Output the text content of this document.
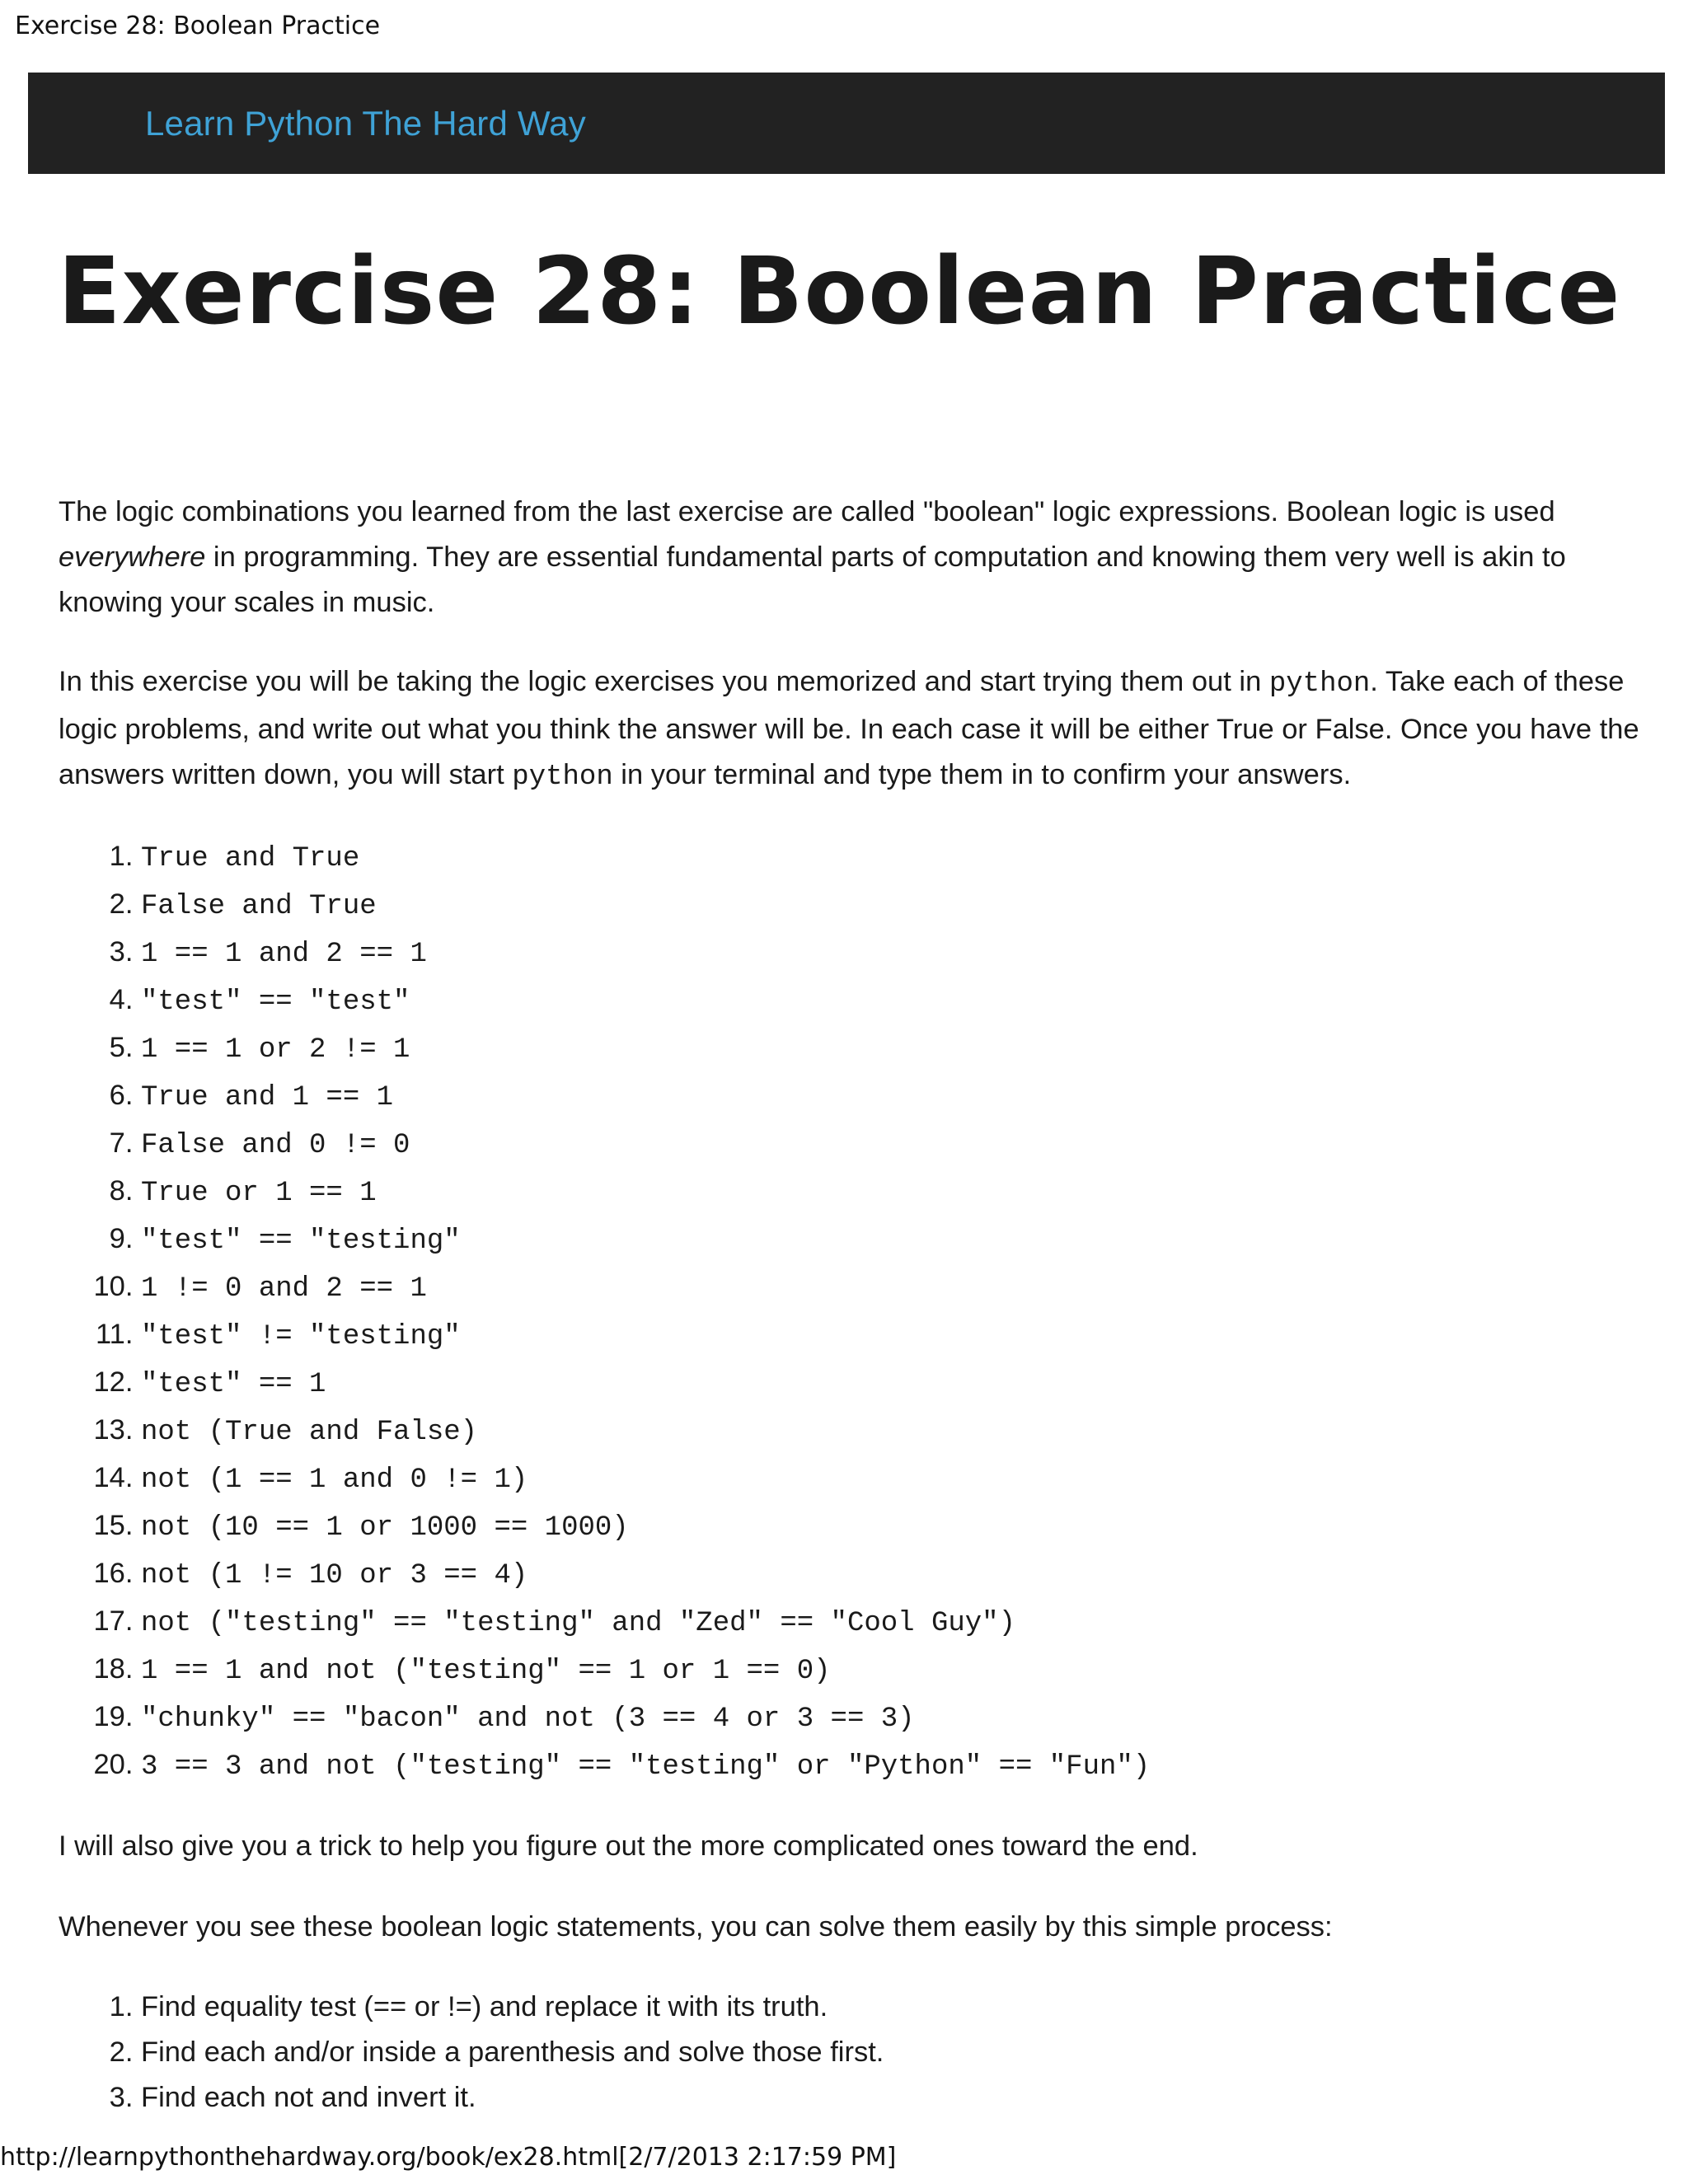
Exercise 28: Boolean Practice
Learn Python The Hard Way
Exercise 28: Boolean Practice

The logic combinations you learned from the last exercise are called "boolean" logic expressions. Boolean logic is used everywhere in programming. They are essential fundamental parts of computation and knowing them very well is akin to knowing your scales in music.

In this exercise you will be taking the logic exercises you memorized and start trying them out in python. Take each of these logic problems, and write out what you think the answer will be. In each case it will be either True or False. Once you have the answers written down, you will start python in your terminal and type them in to confirm your answers.

1. True and True
2. False and True
3. 1 == 1 and 2 == 1
4. "test" == "test"
5. 1 == 1 or 2 != 1
6. True and 1 == 1
7. False and 0 != 0
8. True or 1 == 1
9. "test" == "testing"
10. 1 != 0 and 2 == 1
11. "test" != "testing"
12. "test" == 1
13. not (True and False)
14. not (1 == 1 and 0 != 1)
15. not (10 == 1 or 1000 == 1000)
16. not (1 != 10 or 3 == 4)
17. not ("testing" == "testing" and "Zed" == "Cool Guy")
18. 1 == 1 and not ("testing" == 1 or 1 == 0)
19. "chunky" == "bacon" and not (3 == 4 or 3 == 3)
20. 3 == 3 and not ("testing" == "testing" or "Python" == "Fun")

I will also give you a trick to help you figure out the more complicated ones toward the end.

Whenever you see these boolean logic statements, you can solve them easily by this simple process:

1. Find equality test (== or !=) and replace it with its truth.
2. Find each and/or inside a parenthesis and solve those first.
3. Find each not and invert it.
http://learnpythonthehardway.org/book/ex28.html[2/7/2013 2:17:59 PM]
